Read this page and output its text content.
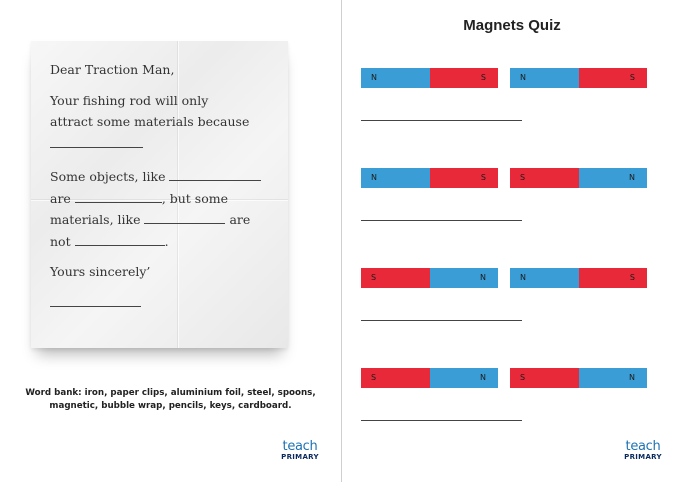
Dear Traction Man,
Your fishing rod will only
attract some materials because
Some objects, like
are	, but some
materials, like	are
not	.
Yours sincerely’
Word bank: iron, paper clips, aluminium foil, steel, spoons,
magnetic, bubble wrap, pencils, keys, cardboard.
teach
PRIMARY
Magnets Quiz
N	S	N	S
N	S	S	N
S	N	N	S
S	N	S	N
teach
PRIMARY
